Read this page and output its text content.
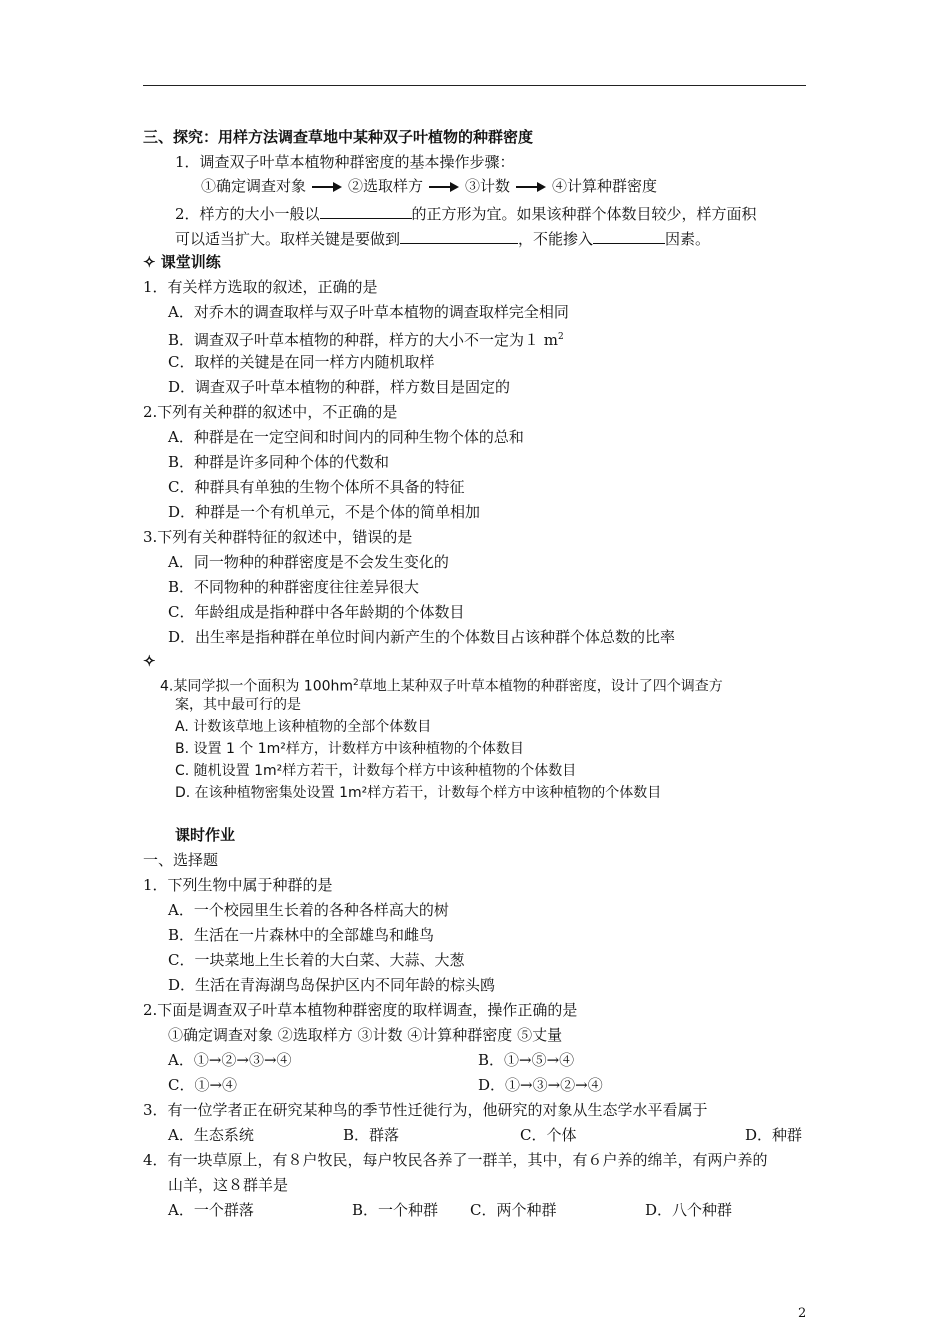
三、探究：用样方法调查草地中某种双子叶植物的种群密度
1．调查双子叶草本植物种群密度的基本操作步骤：
①确定调查对象	②选取样方	③计数	④计算种群密度
2．样方的大小一般以	的正方形为宜。如果该种群个体数目较少，样方面积
可以适当扩大。取样关键是要做到	，不能掺入	因素。
✧ 课堂训练
1．有关样方选取的叙述，正确的是
A．对乔木的调查取样与双子叶草本植物的调查取样完全相同
B．调查双子叶草本植物的种群，样方的大小不一定为１ $m^2$
C．取样的关键是在同一样方内随机取样
D．调查双子叶草本植物的种群，样方数目是固定的
2.下列有关种群的叙述中，不正确的是
A．种群是在一定空间和时间内的同种生物个体的总和
B．种群是许多同种个体的代数和
C．种群具有单独的生物个体所不具备的特征
D．种群是一个有机单元，不是个体的简单相加
3.下列有关种群特征的叙述中，错误的是
A．同一物种的种群密度是不会发生变化的
B．不同物种的种群密度往往差异很大
C．年龄组成是指种群中各年龄期的个体数目
D．出生率是指种群在单位时间内新产生的个体数目占该种群个体总数的比率
✧
4.某同学拟一个面积为 $100hm^2$草地上某种双子叶草本植物的种群密度，设计了四个调查方
案，其中最可行的是
A. 计数该草地上该种植物的全部个体数目
B. 设置 1 个 1m²样方，计数样方中该种植物的个体数目
C. 随机设置 1m²样方若干，计数每个样方中该种植物的个体数目
D. 在该种植物密集处设置 1m²样方若干，计数每个样方中该种植物的个体数目
课时作业
一、选择题
1．下列生物中属于种群的是
A．一个校园里生长着的各种各样高大的树
B．生活在一片森林中的全部雄鸟和雌鸟
C．一块菜地上生长着的大白菜、大蒜、大葱
D．生活在青海湖鸟岛保护区内不同年龄的棕头鸥
2.下面是调查双子叶草本植物种群密度的取样调查，操作正确的是
①确定调查对象 ②选取样方 ③计数 ④计算种群密度 ⑤丈量
A．①→②→③→④	B．①→⑤→④
C．①→④	D．①→③→②→④
3．有一位学者正在研究某种鸟的季节性迁徙行为，他研究的对象从生态学水平看属于
A．生态系统	B．群落	C．个体	D．种群
4．有一块草原上，有８户牧民，每户牧民各养了一群羊，其中，有６户养的绵羊，有两户养的
山羊，这８群羊是
A．一个群落	B．一个种群 C．两个种群	D．八个种群
2
